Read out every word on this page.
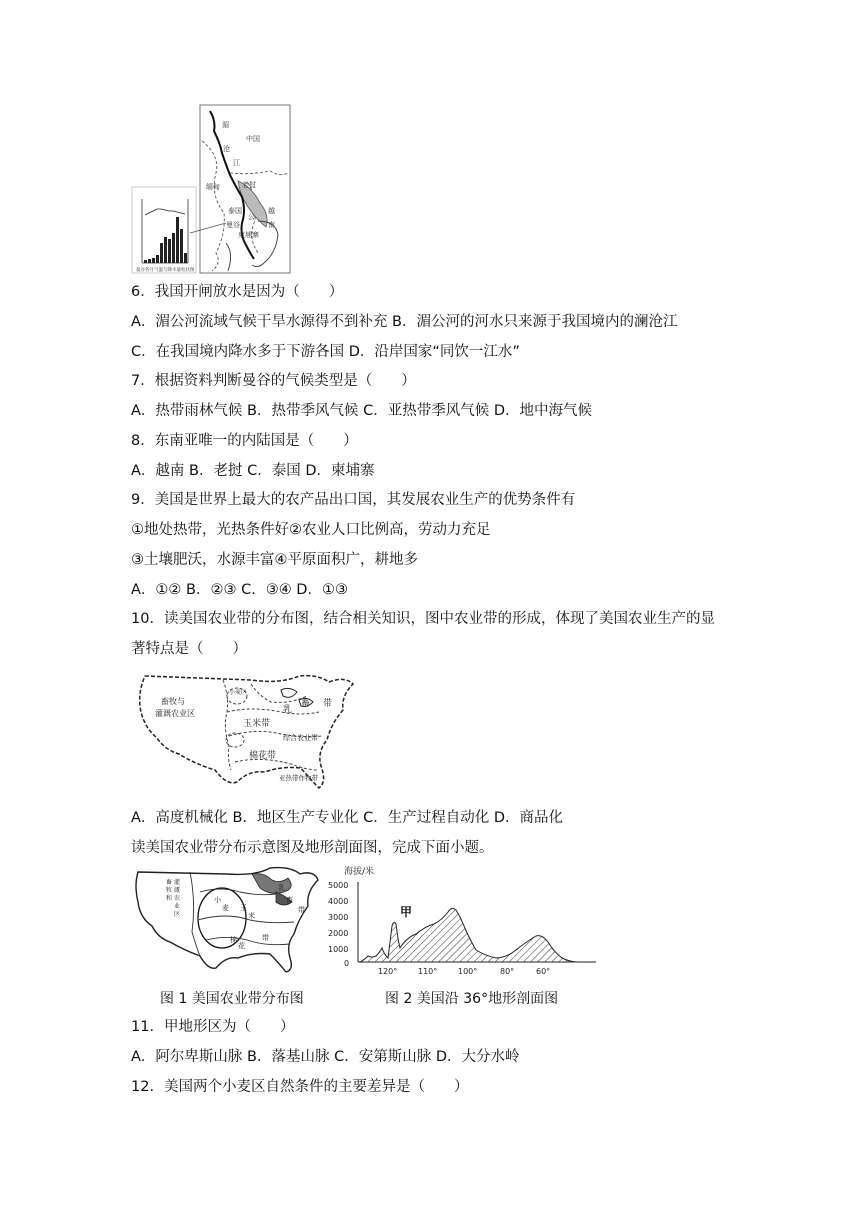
湄
沧
中国
江
缅甸	老挝
泰国
公
曼谷
柬埔寨
越
南
曼谷各月气温与降水量柱状图
6．我国开闸放水是因为（　　）
A．湄公河流域气候干旱水源得不到补充 B．湄公河的河水只来源于我国境内的澜沧江
C．在我国境内降水多于下游各国 D．沿岸国家“同饮一江水”
7．根据资料判断曼谷的气候类型是（　　）
A．热带雨林气候 B．热带季风气候 C．亚热带季风气候 D．地中海气候
8．东南亚唯一的内陆国是（　　）
A．越南 B．老挝 C．泰国 D．柬埔寨
9．美国是世界上最大的农产品出口国，其发展农业生产的优势条件有
①地处热带，光热条件好②农业人口比例高，劳动力充足
③土壤肥沃，水源丰富④平原面积广，耕地多
A．①② B．②③ C．③④ D．①③
10．读美国农业带的分布图，结合相关知识，图中农业带的形成，体现了美国农业生产的显
著特点是（　　）
畜牧与
灌溉农业区	乳
畜 带
玉米带
综合农业带
棉花带
亚热带作物带
小麦区
A．高度机械化 B．地区生产专业化 C．生产过程自动化 D．商品化
读美国农业带分布示意图及地形剖面图，完成下面小题。
畜
牧
和
灌
溉
农
业
区
小
麦 玉
米
棉
花
带
乳
畜
带
海拔/米
5000
4000
3000
2000
1000
0
甲
120°	110°	100°	80°	60°
图 1 美国农业带分布图	图 2 美国沿 36°地形剖面图
11．甲地形区为（　　）
A．阿尔卑斯山脉 B．落基山脉 C．安第斯山脉 D．大分水岭
12．美国两个小麦区自然条件的主要差异是（　　）
